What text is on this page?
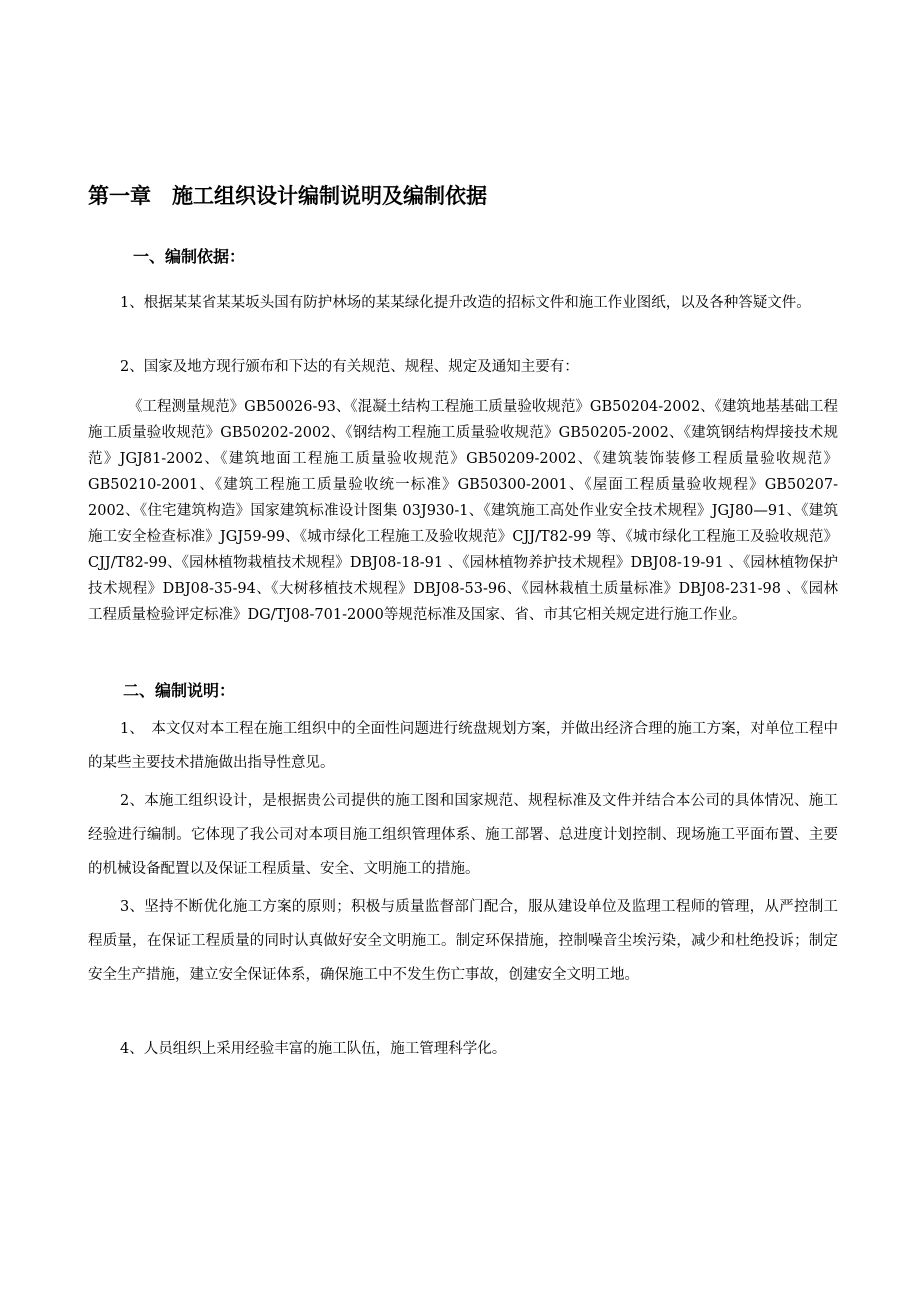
第一章　施工组织设计编制说明及编制依据
一、编制依据：

1、根据某某省某某坂头国有防护林场的某某绿化提升改造的招标文件和施工作业图纸，以及各种答疑文件。

2、国家及地方现行颁布和下达的有关规范、规程、规定及通知主要有：

《工程测量规范》GB50026-93、《混凝土结构工程施工质量验收规范》GB50204-2002、《建筑地基基础工程施工质量验收规范》GB50202-2002、《钢结构工程施工质量验收规范》GB50205-2002、《建筑钢结构焊接技术规范》JGJ81-2002、《建筑地面工程施工质量验收规范》GB50209-2002、《建筑装饰装修工程质量验收规范》GB50210-2001、《建筑工程施工质量验收统一标准》GB50300-2001、《屋面工程质量验收规程》GB50207-2002、《住宅建筑构造》国家建筑标准设计图集 03J930-1、《建筑施工高处作业安全技术规程》JGJ80—91、《建筑施工安全检查标准》JGJ59-99、《城市绿化工程施工及验收规范》CJJ/T82-99 等、《城市绿化工程施工及验收规范》CJJ/T82-99、《园林植物栽植技术规程》DBJ08-18-91 、《园林植物养护技术规程》DBJ08-19-91 、《园林植物保护技术规程》DBJ08-35-94、《大树移植技术规程》DBJ08-53-96、《园林栽植土质量标准》DBJ08-231-98 、《园林工程质量检验评定标准》DG/TJ08-701-2000等规范标准及国家、省、市其它相关规定进行施工作业。

二、编制说明：

1、　本文仅对本工程在施工组织中的全面性问题进行统盘规划方案，并做出经济合理的施工方案，对单位工程中的某些主要技术措施做出指导性意见。

2、本施工组织设计，是根据贵公司提供的施工图和国家规范、规程标准及文件并结合本公司的具体情况、施工经验进行编制。它体现了我公司对本项目施工组织管理体系、施工部署、总进度计划控制、现场施工平面布置、主要的机械设备配置以及保证工程质量、安全、文明施工的措施。

3、坚持不断优化施工方案的原则；积极与质量监督部门配合，服从建设单位及监理工程师的管理，从严控制工程质量，在保证工程质量的同时认真做好安全文明施工。制定环保措施，控制噪音尘埃污染，减少和杜绝投诉；制定安全生产措施，建立安全保证体系，确保施工中不发生伤亡事故，创建安全文明工地。

4、人员组织上采用经验丰富的施工队伍，施工管理科学化。
